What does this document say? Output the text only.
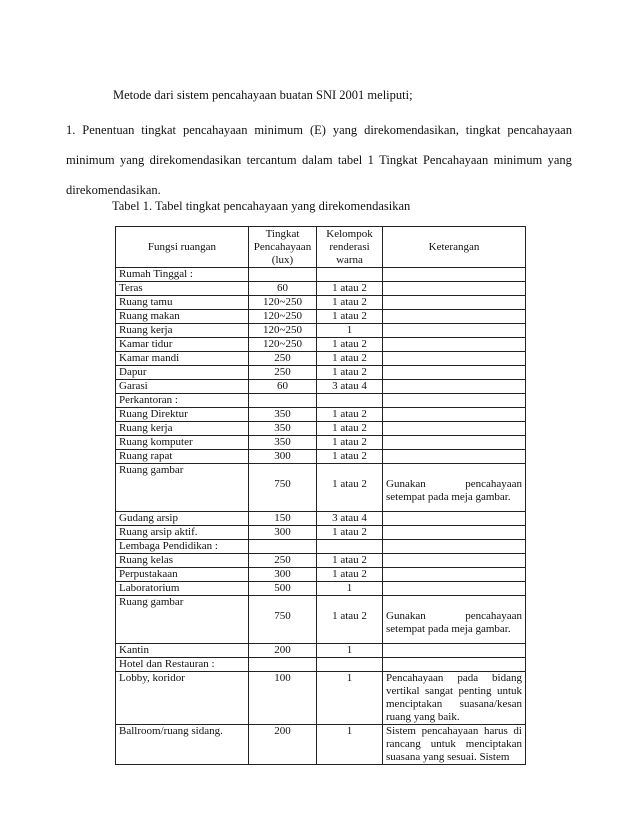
Metode dari sistem pencahayaan buatan SNI 2001 meliputi;
1. Penentuan tingkat pencahayaan minimum (E) yang direkomendasikan, tingkat pencahayaan
minimum yang direkomendasikan tercantum dalam tabel 1 Tingkat Pencahayaan minimum yang
direkomendasikan.
Tabel 1. Tabel tingkat pencahayaan yang direkomendasikan
Fungsi ruangan	Tingkat Pencahayaan (lux)	Kelompok renderasi warna	Keterangan
Rumah Tinggal :			
Teras	60	1 atau 2	
Ruang tamu	120~250	1 atau 2	
Ruang makan	120~250	1 atau 2	
Ruang kerja	120~250	1	
Kamar tidur	120~250	1 atau 2	
Kamar mandi	250	1 atau 2	
Dapur	250	1 atau 2	
Garasi	60	3 atau 4	
Perkantoran :			
Ruang Direktur	350	1 atau 2	
Ruang kerja	350	1 atau 2	
Ruang komputer	350	1 atau 2	
Ruang rapat	300	1 atau 2	
Ruang gambar	750	1 atau 2	Gunakan pencahayaan setempat pada meja gambar.
Gudang arsip	150	3 atau 4	
Ruang arsip aktif.	300	1 atau 2	
Lembaga Pendidikan :			
Ruang kelas	250	1 atau 2	
Perpustakaan	300	1 atau 2	
Laboratorium	500	1	
Ruang gambar	750	1 atau 2	Gunakan pencahayaan setempat pada meja gambar.
Kantin	200	1	
Hotel dan Restauran :			
Lobby, koridor	100	1	Pencahayaan pada bidang vertikal sangat penting untuk menciptakan suasana/kesan ruang yang baik.
Ballroom/ruang sidang.	200	1	Sistem pencahayaan harus di rancang untuk menciptakan suasana yang sesuai. Sistem
